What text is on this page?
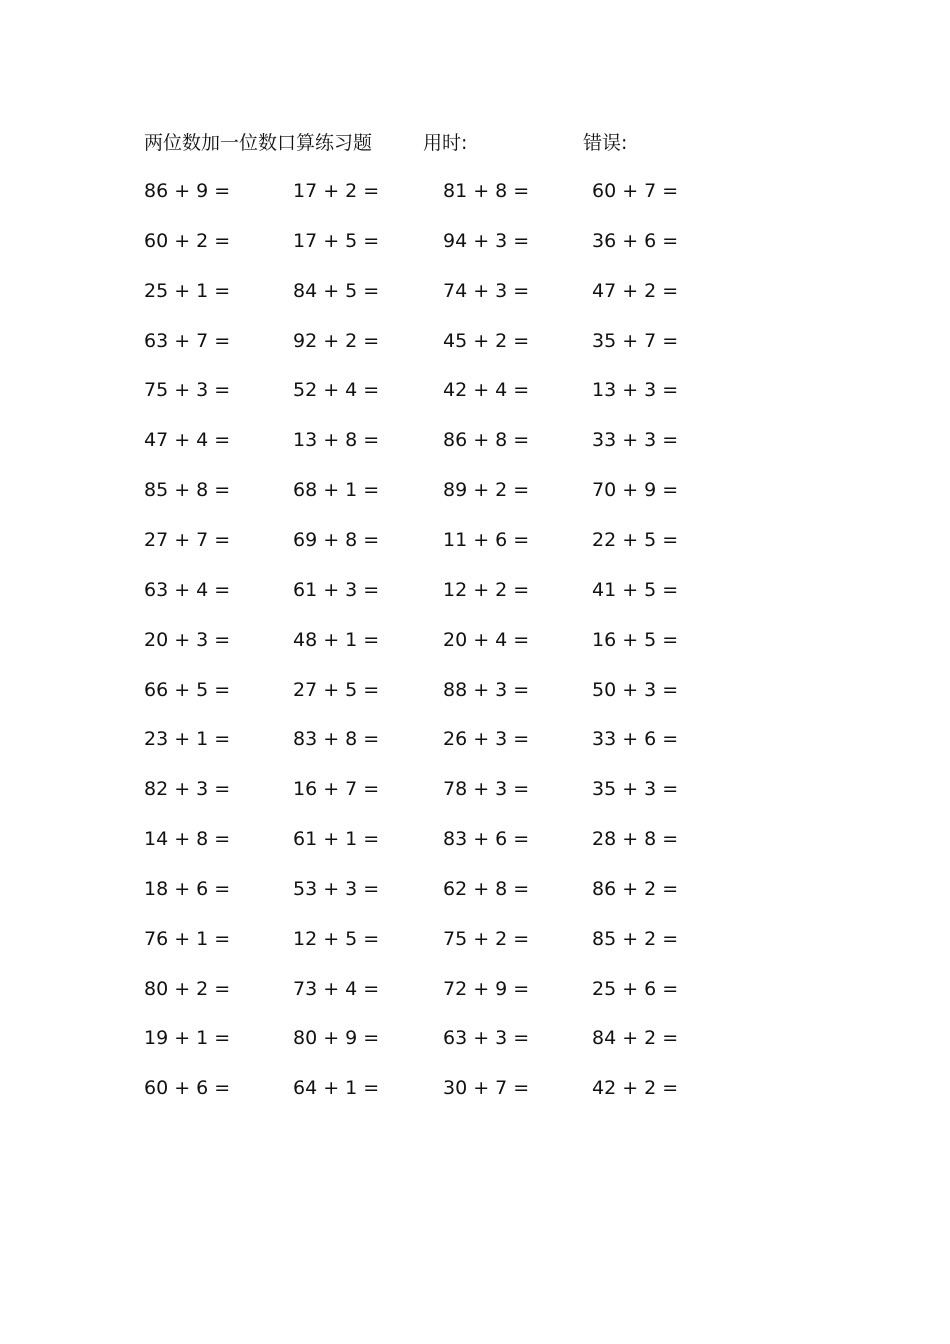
两位数加一位数口算练习题	用时:	错误:
86 + 9 =	17 + 2 =	81 + 8 =	60 + 7 =
60 + 2 =	17 + 5 =	94 + 3 =	36 + 6 =
25 + 1 =	84 + 5 =	74 + 3 =	47 + 2 =
63 + 7 =	92 + 2 =	45 + 2 =	35 + 7 =
75 + 3 =	52 + 4 =	42 + 4 =	13 + 3 =
47 + 4 =	13 + 8 =	86 + 8 =	33 + 3 =
85 + 8 =	68 + 1 =	89 + 2 =	70 + 9 =
27 + 7 =	69 + 8 =	11 + 6 =	22 + 5 =
63 + 4 =	61 + 3 =	12 + 2 =	41 + 5 =
20 + 3 =	48 + 1 =	20 + 4 =	16 + 5 =
66 + 5 =	27 + 5 =	88 + 3 =	50 + 3 =
23 + 1 =	83 + 8 =	26 + 3 =	33 + 6 =
82 + 3 =	16 + 7 =	78 + 3 =	35 + 3 =
14 + 8 =	61 + 1 =	83 + 6 =	28 + 8 =
18 + 6 =	53 + 3 =	62 + 8 =	86 + 2 =
76 + 1 =	12 + 5 =	75 + 2 =	85 + 2 =
80 + 2 =	73 + 4 =	72 + 9 =	25 + 6 =
19 + 1 =	80 + 9 =	63 + 3 =	84 + 2 =
60 + 6 =	64 + 1 =	30 + 7 =	42 + 2 =
